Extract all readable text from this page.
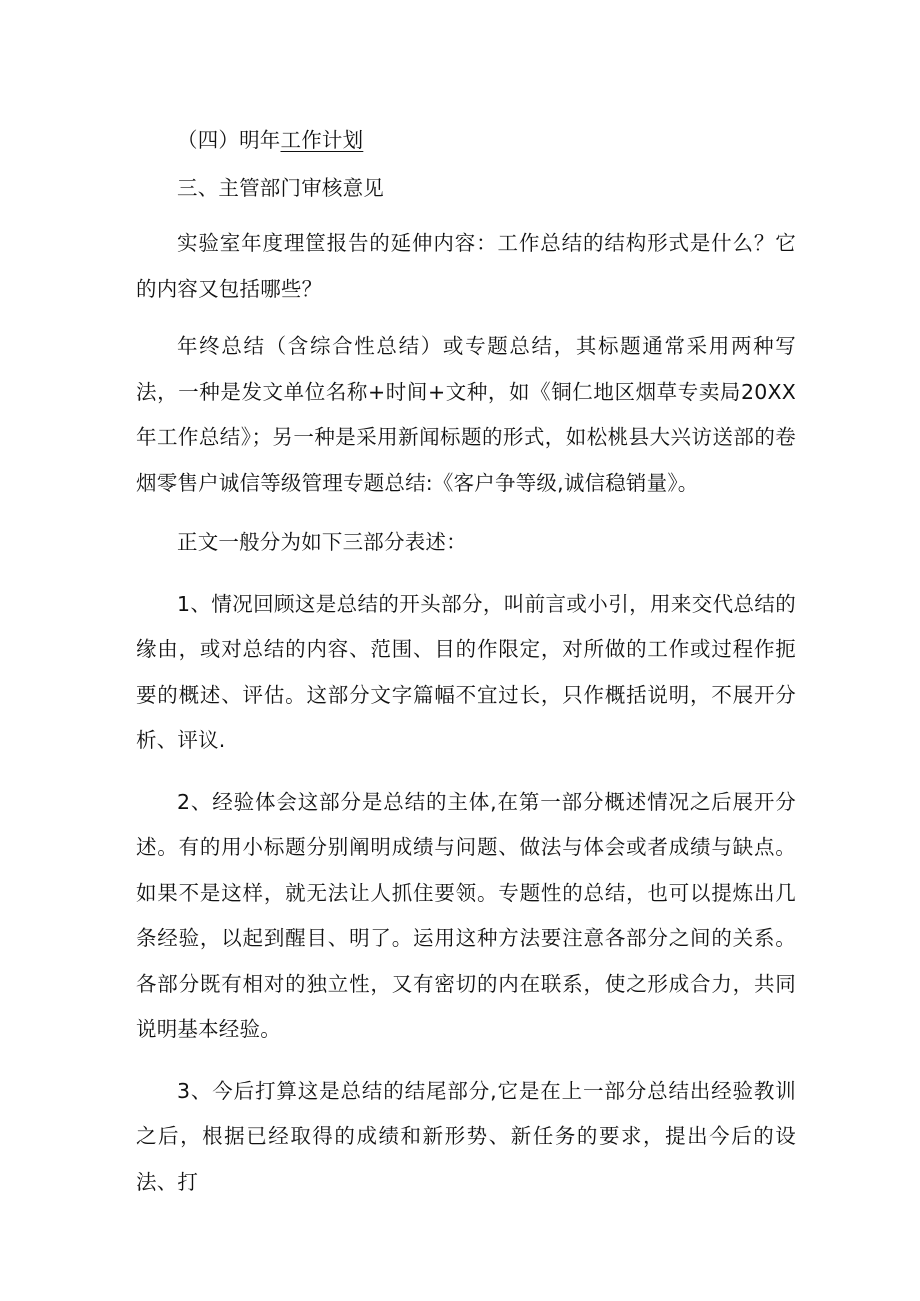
（四）明年工作计划

三、主管部门审核意见

实验室年度理筐报告的延伸内容：工作总结的结构形式是什么？它的内容又包括哪些？

年终总结（含综合性总结）或专题总结，其标题通常采用两种写法，一种是发文单位名称+时间+文种，如《铜仁地区烟草专卖局20XX年工作总结》；另一种是采用新闻标题的形式，如松桃县大兴访送部的卷烟零售户诚信等级管理专题总结:《客户争等级,诚信稳销量》。

正文一般分为如下三部分表述：

1、情况回顾这是总结的开头部分，叫前言或小引，用来交代总结的缘由，或对总结的内容、范围、目的作限定，对所做的工作或过程作扼要的概述、评估。这部分文字篇幅不宜过长，只作概括说明，不展开分析、评议.

2、经验体会这部分是总结的主体,在第一部分概述情况之后展开分述。有的用小标题分别阐明成绩与问题、做法与体会或者成绩与缺点。如果不是这样，就无法让人抓住要领。专题性的总结，也可以提炼出几条经验，以起到醒目、明了。运用这种方法要注意各部分之间的关系。各部分既有相对的独立性，又有密切的内在联系，使之形成合力，共同说明基本经验。

3、今后打算这是总结的结尾部分,它是在上一部分总结出经验教训之后，根据已经取得的成绩和新形势、新任务的要求，提出今后的设法、打
